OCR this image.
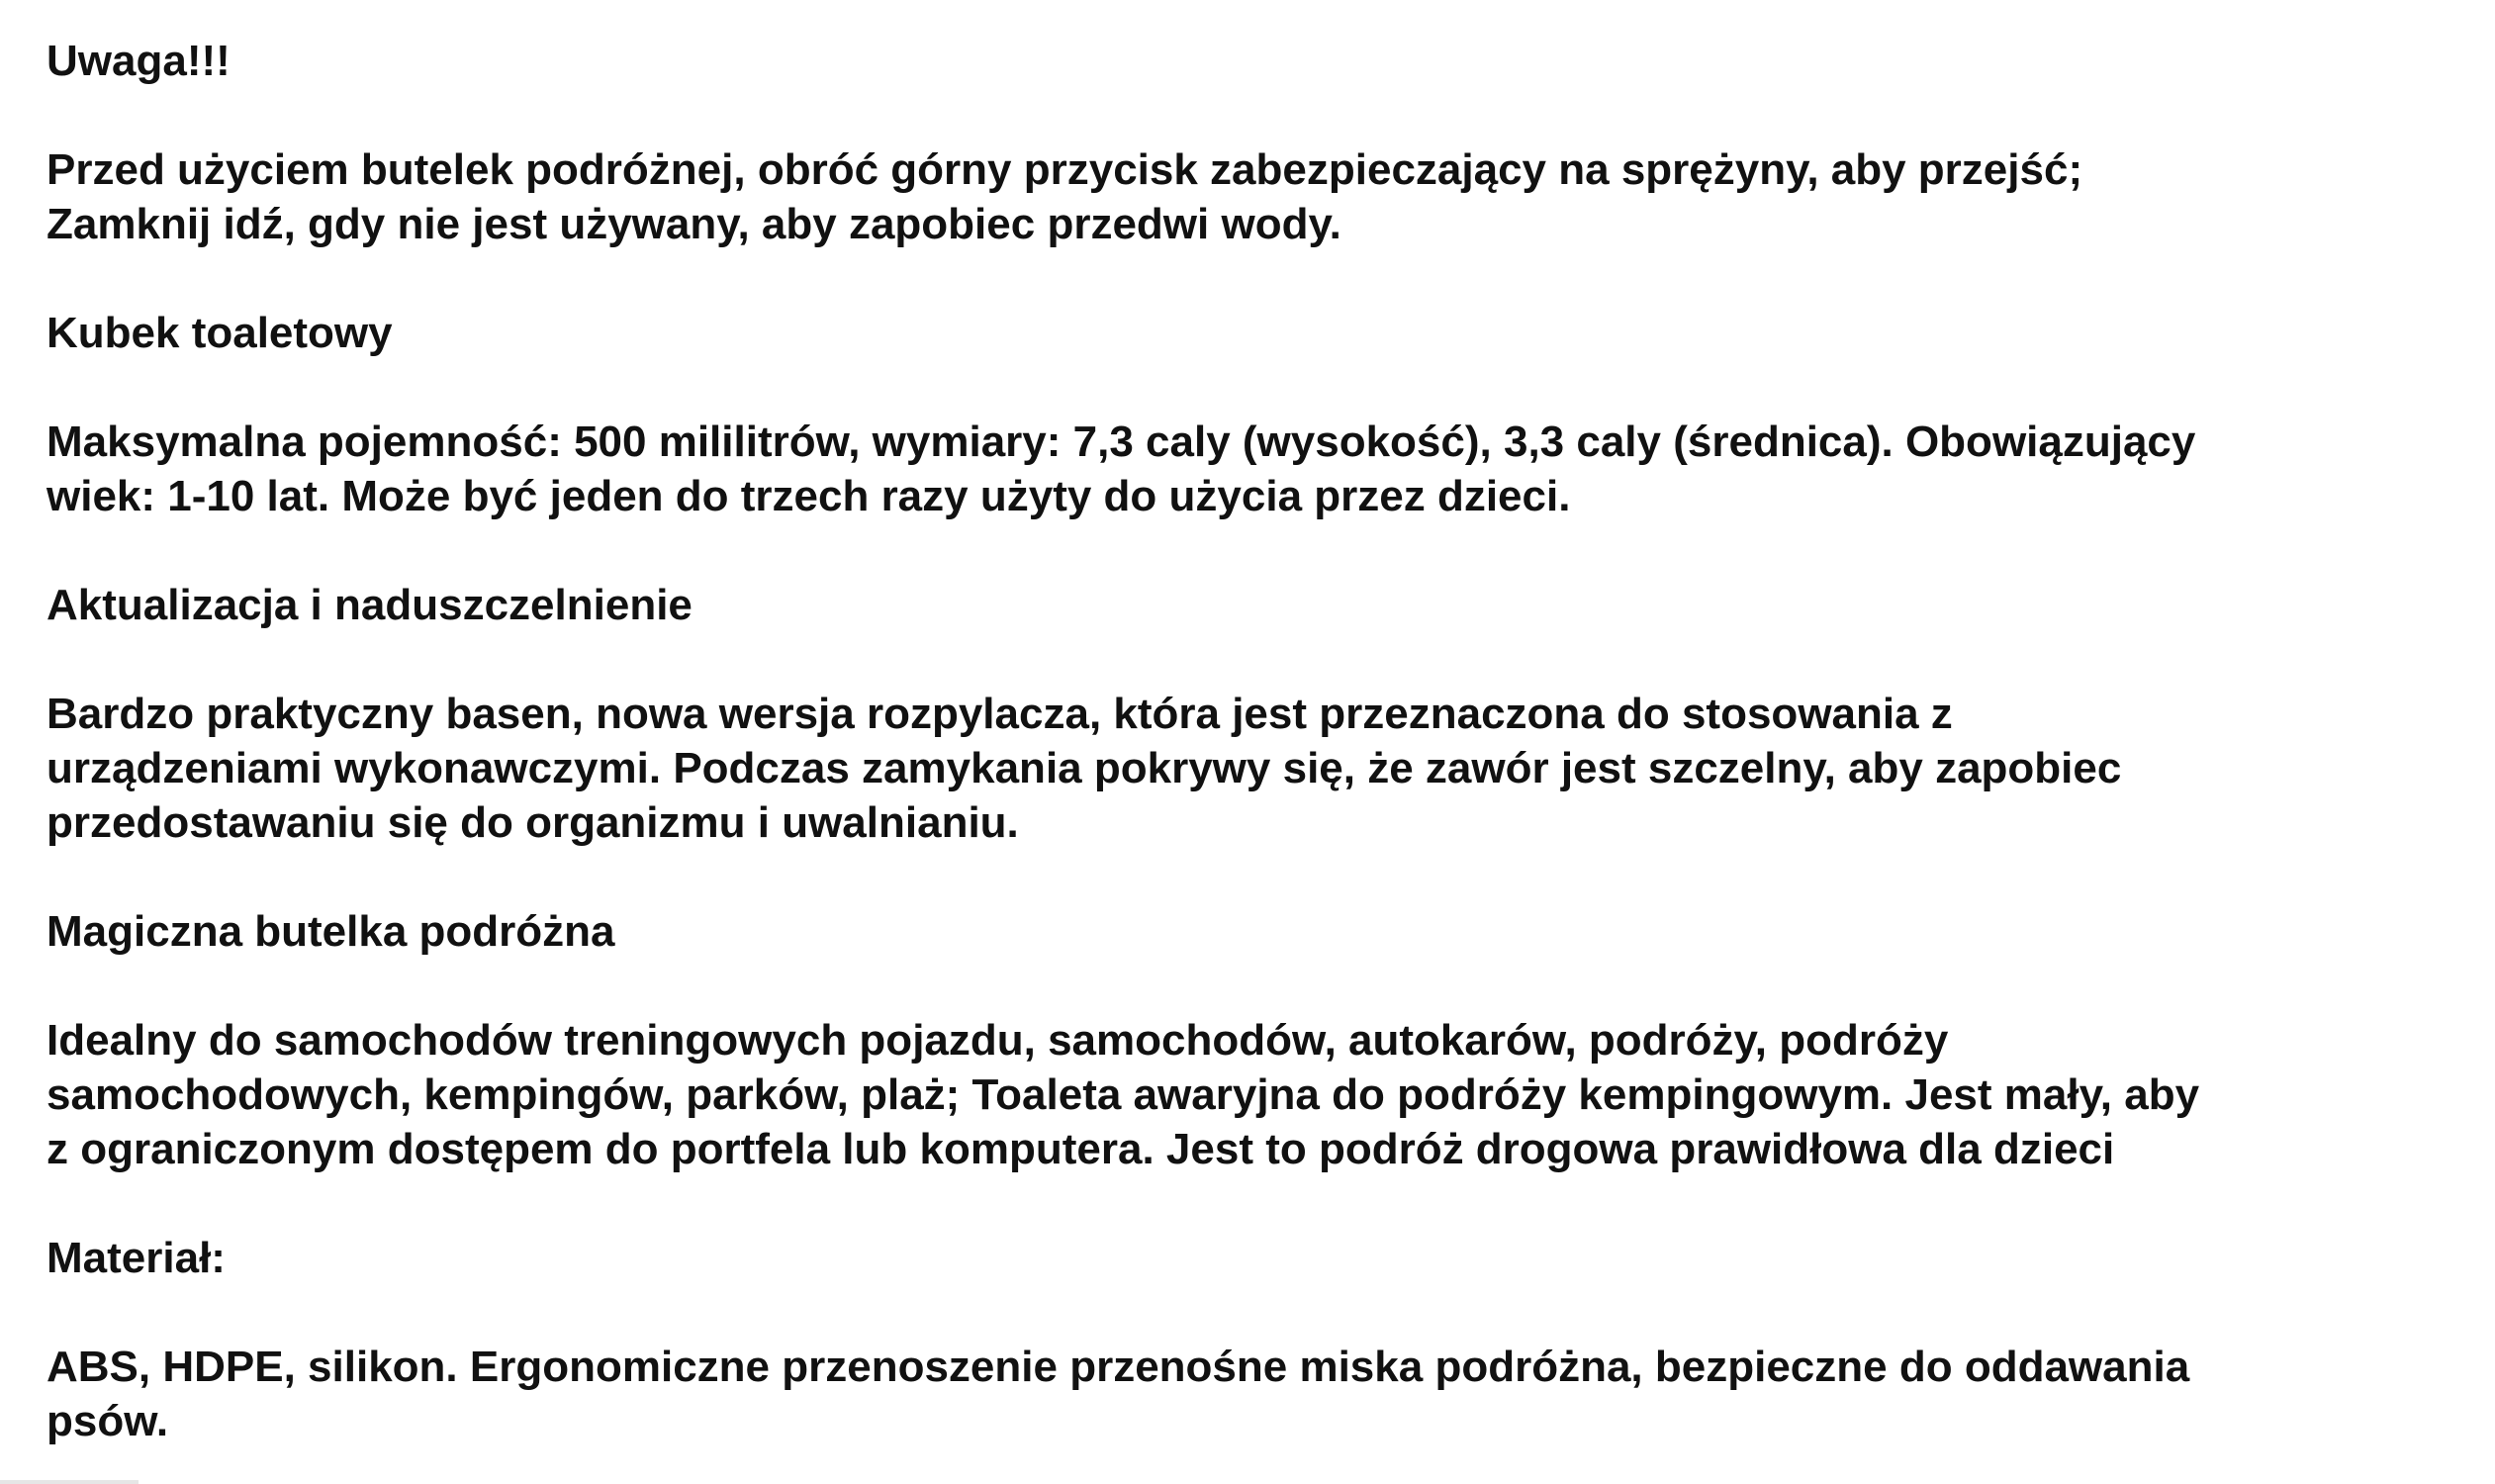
Uwaga!!!
Przed użyciem butelek podróżnej, obróć górny przycisk zabezpieczający na sprężyny, aby przejść;
Zamknij idź, gdy nie jest używany, aby zapobiec przedwi wody.
Kubek toaletowy
Maksymalna pojemność: 500 mililitrów, wymiary: 7,3 caly (wysokość), 3,3 caly (średnica). Obowiązujący
wiek: 1-10 lat. Może być jeden do trzech razy użyty do użycia przez dzieci.
Aktualizacja i naduszczelnienie
Bardzo praktyczny basen, nowa wersja rozpylacza, która jest przeznaczona do stosowania z
urządzeniami wykonawczymi. Podczas zamykania pokrywy się, że zawór jest szczelny, aby zapobiec
przedostawaniu się do organizmu i uwalnianiu.
Magiczna butelka podróżna
Idealny do samochodów treningowych pojazdu, samochodów, autokarów, podróży, podróży
samochodowych, kempingów, parków, plaż; Toaleta awaryjna do podróży kempingowym. Jest mały, aby
z ograniczonym dostępem do portfela lub komputera. Jest to podróż drogowa prawidłowa dla dzieci
Materiał:
ABS, HDPE, silikon. Ergonomiczne przenoszenie przenośne miska podróżna, bezpieczne do oddawania
psów.
